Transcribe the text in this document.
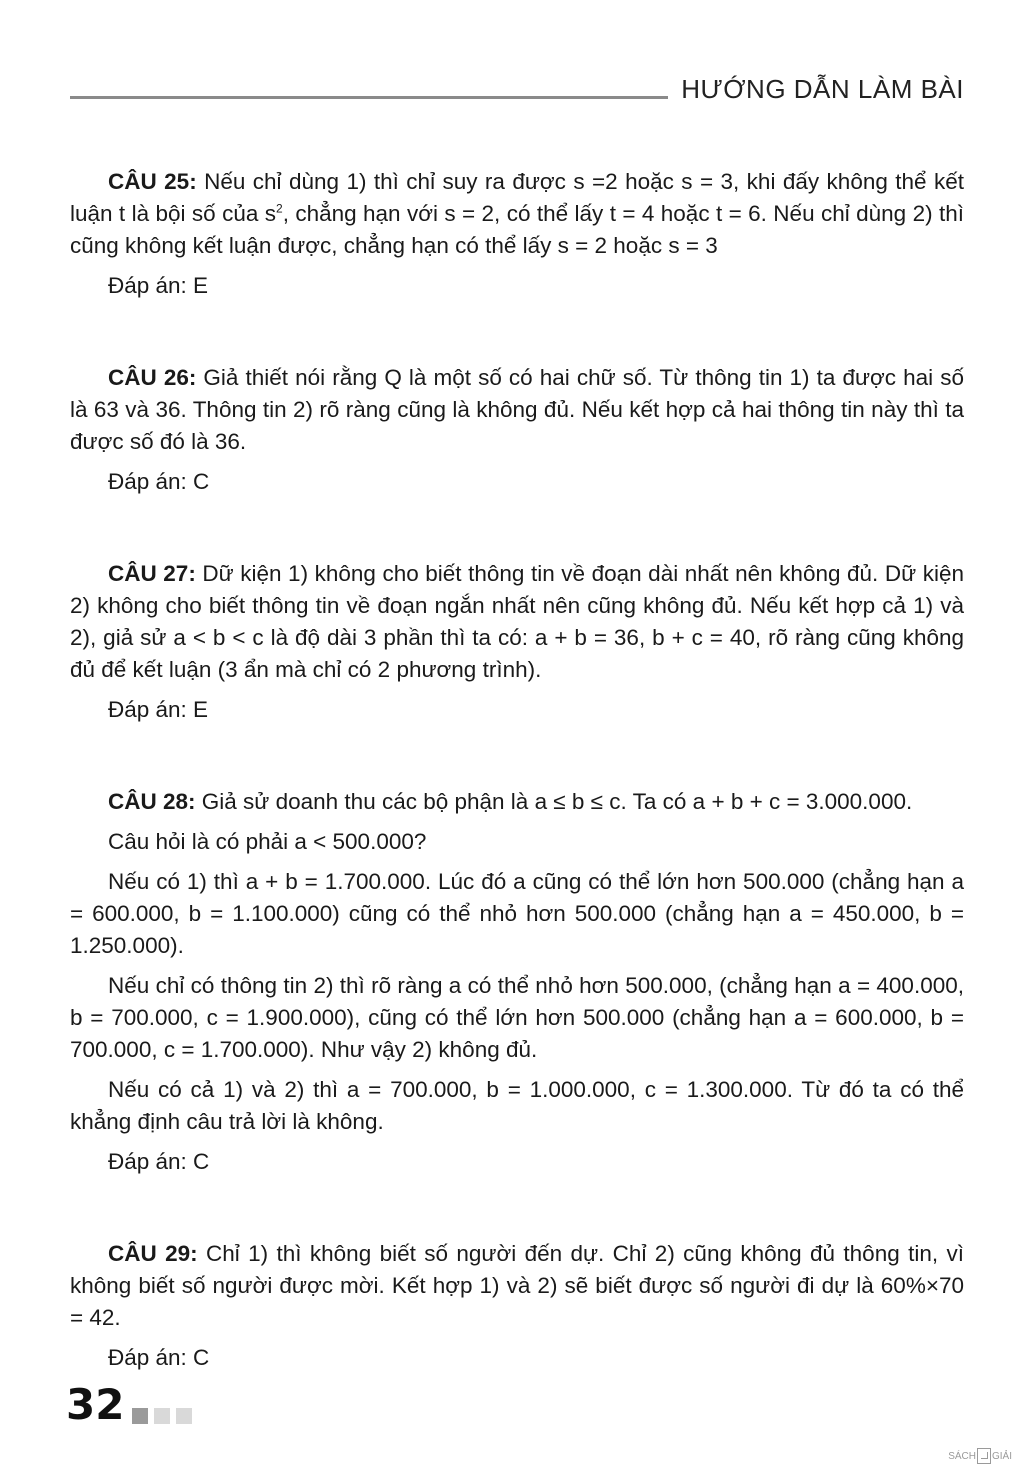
HƯỚNG DẪN LÀM BÀI

CÂU 25: Nếu chỉ dùng 1) thì chỉ suy ra được s =2 hoặc s = 3, khi đấy không thể kết luận t là bội số của $s^2$, chẳng hạn với s = 2, có thể lấy t = 4 hoặc t = 6. Nếu chỉ dùng 2) thì cũng không kết luận được, chẳng hạn có thể lấy s = 2 hoặc s = 3

Đáp án: E

CÂU 26: Giả thiết nói rằng Q là một số có hai chữ số. Từ thông tin 1) ta được hai số là 63 và 36. Thông tin 2) rõ ràng cũng là không đủ. Nếu kết hợp cả hai thông tin này thì ta được số đó là 36.

Đáp án: C

CÂU 27: Dữ kiện 1) không cho biết thông tin về đoạn dài nhất nên không đủ. Dữ kiện 2) không cho biết thông tin về đoạn ngắn nhất nên cũng không đủ. Nếu kết hợp cả 1) và 2), giả sử a < b < c là độ dài 3 phần thì ta có: a + b = 36, b + c = 40, rõ ràng cũng không đủ để kết luận (3 ẩn mà chỉ có 2 phương trình).

Đáp án: E

CÂU 28: Giả sử doanh thu các bộ phận là a ≤ b ≤ c. Ta có a + b + c = 3.000.000.

Câu hỏi là có phải a < 500.000?

Nếu có 1) thì a + b = 1.700.000. Lúc đó a cũng có thể lớn hơn 500.000 (chẳng hạn a = 600.000, b = 1.100.000) cũng có thể nhỏ hơn 500.000 (chẳng hạn a = 450.000, b = 1.250.000).

Nếu chỉ có thông tin 2) thì rõ ràng a có thể nhỏ hơn 500.000, (chẳng hạn a = 400.000, b = 700.000, c = 1.900.000), cũng có thể lớn hơn 500.000 (chẳng hạn a = 600.000, b = 700.000, c = 1.700.000). Như vậy 2) không đủ.

Nếu có cả 1) và 2) thì a = 700.000, b = 1.000.000, c = 1.300.000. Từ đó ta có thể khẳng định câu trả lời là không.

Đáp án: C

CÂU 29: Chỉ 1) thì không biết số người đến dự. Chỉ 2) cũng không đủ thông tin, vì không biết số người được mời. Kết hợp 1) và 2) sẽ biết được số người đi dự là 60%×70 = 42.

Đáp án: C

32
SÁCH GIẢI
